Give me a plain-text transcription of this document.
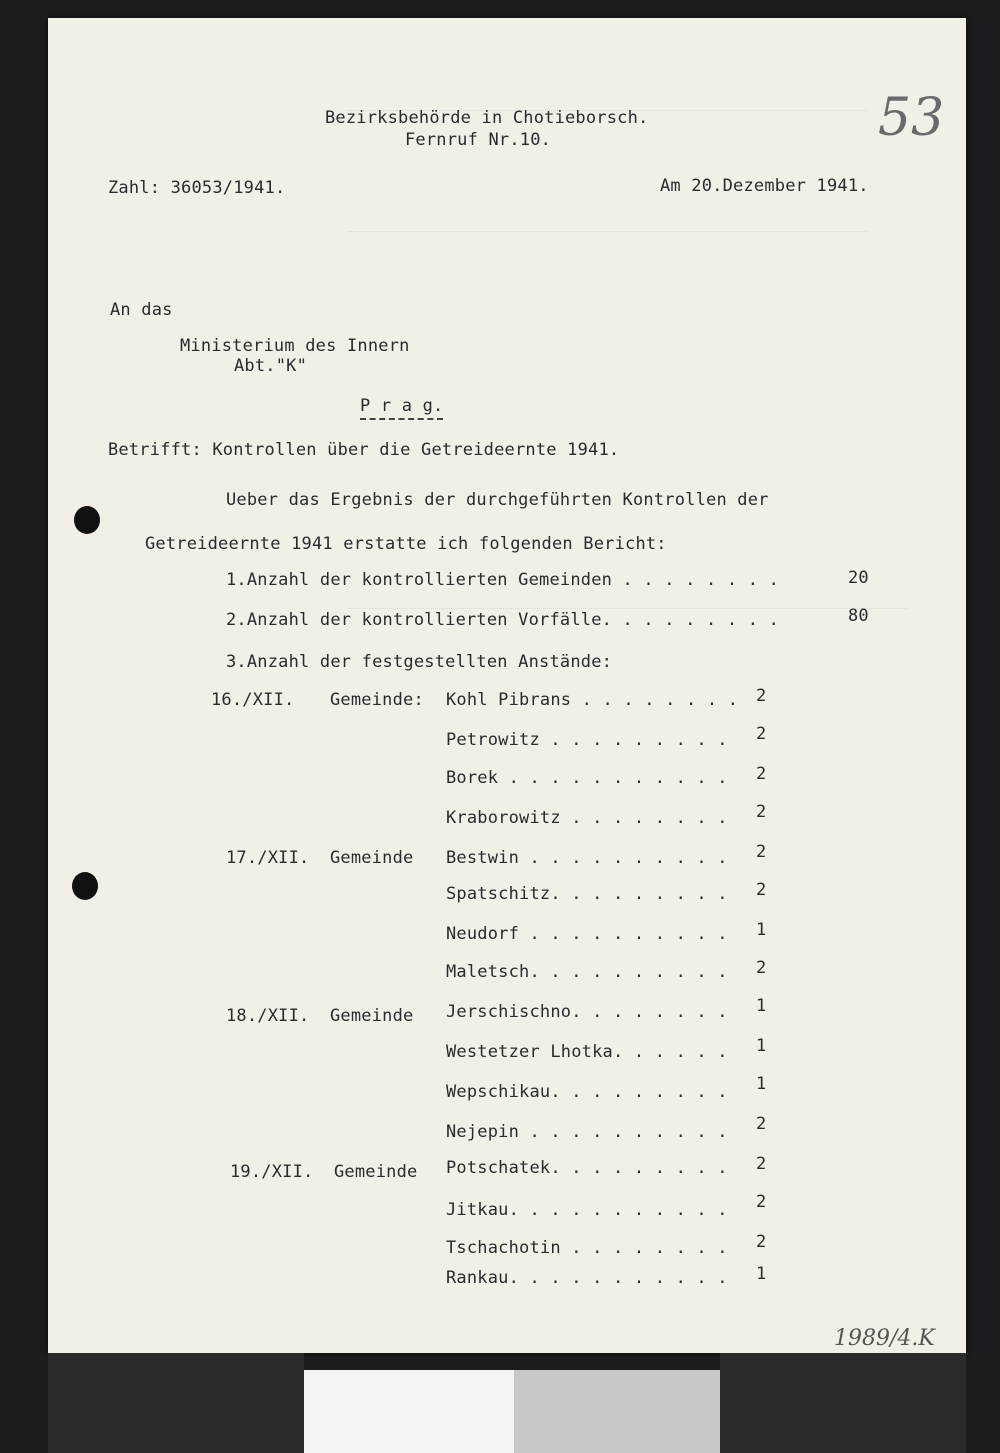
53
Bezirksbehörde in Chotieborsch.
Fernruf Nr.10.
Zahl: 36053/1941.	Am 20.Dezember 1941.
An das
Ministerium des Innern
Abt."K"
P r a g.
Betrifft: Kontrollen über die Getreideernte 1941.
Ueber das Ergebnis der durchgeführten Kontrollen der
Getreideernte 1941 erstatte ich folgenden Bericht:
1.Anzahl der kontrollierten Gemeinden . . . . . . . .	20
2.Anzahl der kontrollierten Vorfälle. . . . . . . . .	80
3.Anzahl der festgestellten Anstände:
16./XII. Gemeinde: Kohl Pibrans . . . . . . . . 2
Petrowitz . . . . . . . . . 2
Borek . . . . . . . . . . . 2
Kraborowitz . . . . . . . . 2
17./XII. Gemeinde Bestwin . . . . . . . . . . 2
Spatschitz. . . . . . . . . 2
Neudorf . . . . . . . . . . 1
Maletsch. . . . . . . . . . 2
18./XII. Gemeinde Jerschischno. . . . . . . . 1
Westetzer Lhotka. . . . . . 1
Wepschikau. . . . . . . . . 1
Nejepin . . . . . . . . . . 2
19./XII. Gemeinde Potschatek. . . . . . . . . 2
Jitkau. . . . . . . . . . . 2
Tschachotin . . . . . . . . 2
Rankau. . . . . . . . . . . 1
1989/4.K
